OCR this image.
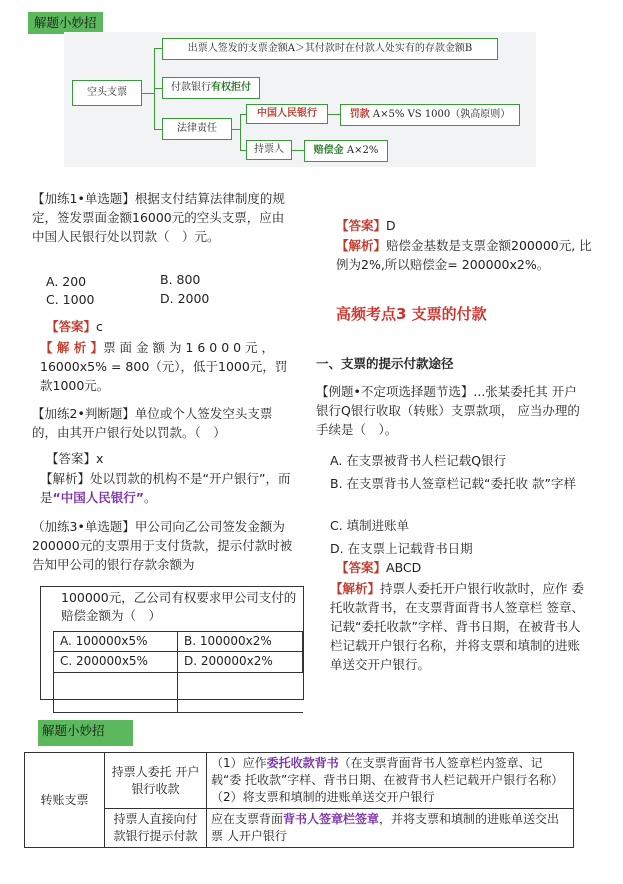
解题小妙招
空头支票
出票人签发的支票金额A＞其付款时在付款人处实有的存款金额B
付款银行 有权拒付
法律责任
中国人民银行	罚款
A×5% VS 1000（孰高原则）
持票人	赔偿金
A×2%
【加练1•单选题】根据支付结算法律制度的规定，签发票面金额16000元的空头支票，应由中国人民银行处以罚款（　）元。
A. 200	B. 800
C. 1000	D. 2000
【答案】c
【 解 析 】票 面 金 额 为 1 6 0 0 0 元 ，16000x5% = 800（元），低于1000元，罚款1000元。
【加练2•判断题】单位或个人签发空头支票的，由其开户银行处以罚款。（　）
【答案】x
【解析】处以罚款的机构不是“开户银行”，而是“中国人民银行”。
（加练3•单选题】甲公司向乙公司签发金额为200000元的支票用于支付货款，提示付款时被告知甲公司的银行存款余额为
100000元，乙公司有权要求甲公司支付的赔偿金额为（　）
A. 100000x5%	B. 100000x2%
C. 200000x5%	D. 200000x2%

【答案】D
【解析】赔偿金基数是支票金额200000元, 比例为2%,所以赔偿金= 200000x2%。
高频考点3 支票的付款
一、支票的提示付款途径
【例题•不定项选择题节选】...张某委托其 开户银行Q银行收取（转账）支票款项， 应当办理的手续是（　）。
A. 在支票被背书人栏记载Q银行
B. 在支票背书人签章栏记载“委托收 款”字样
C. 填制进账单
D. 在支票上记载背书日期
【答案】ABCD
【解析】持票人委托开户银行收款时，应作 委托收款背书，在支票背面背书人签章栏 签章、记载“委托收款”字样、背书日期，在被背书人栏记载开户银行名称，并将支票和填制的进账单送交开户银行。
解题小妙招
转账支票	持票人委托 开户银行收款	（1）应作委托收款背书（在支票背面背书人签章栏内签章、记载“委 托收款”字样、背书日期、在被背书人栏记载开户银行名称）
（2）将支票和填制的进账单送交开户银行
	持票人直接向付款银行提示付款	应在支票背面背书人签章栏签章，并将支票和填制的进账单送交出票 人开户银行
